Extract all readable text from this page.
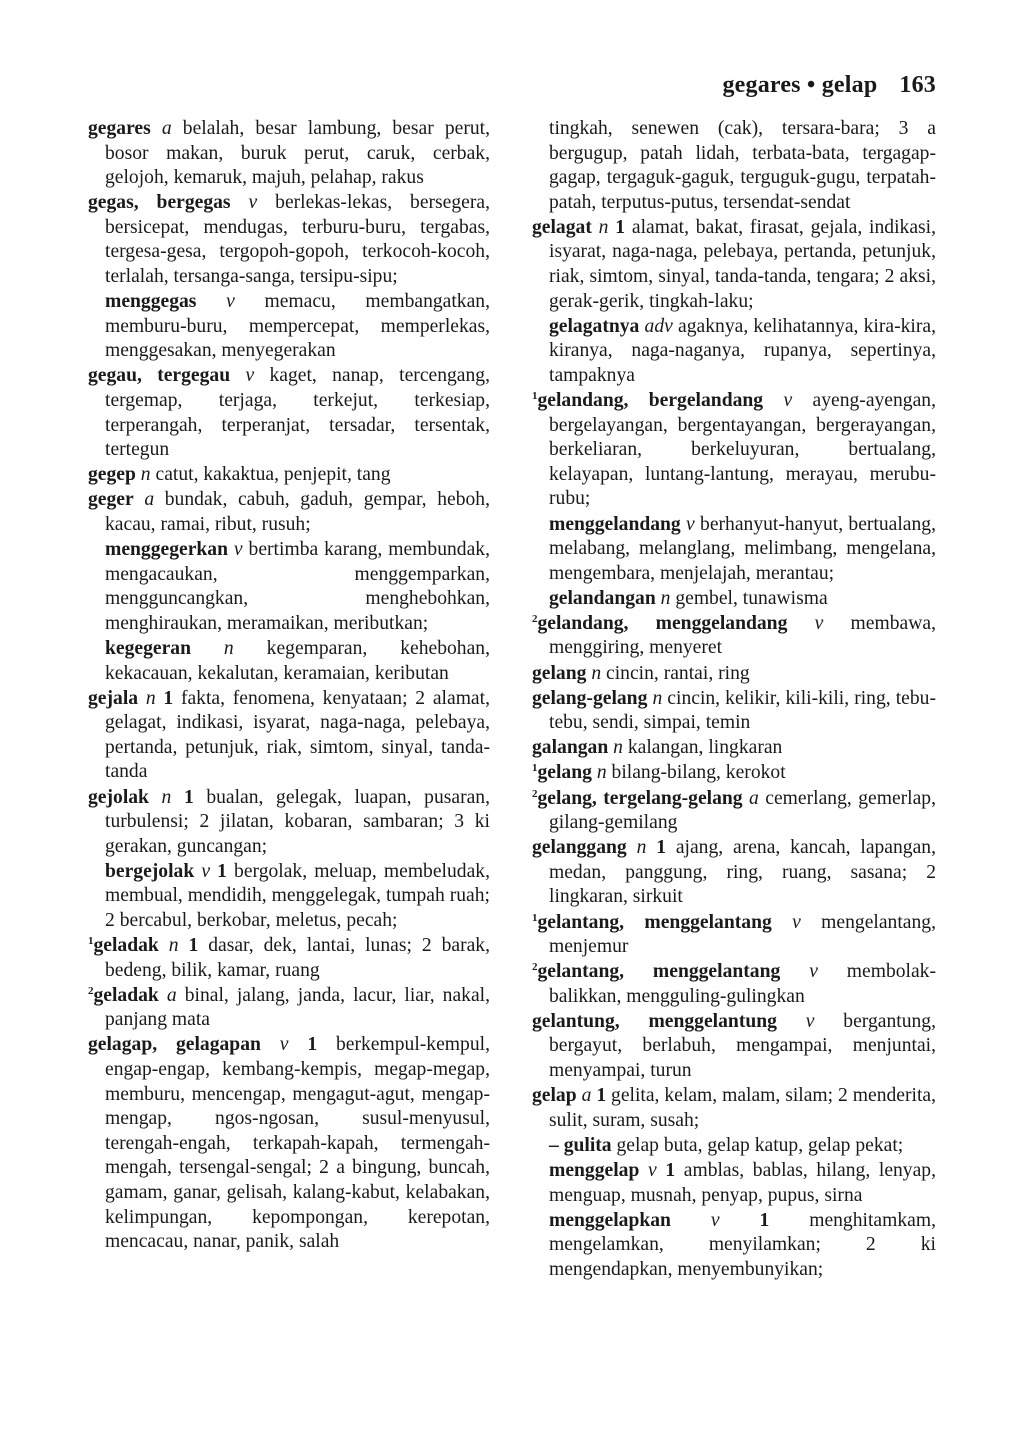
gegares • gelap 163
gegares a belalah, besar lambung, besar perut, bosor makan, buruk perut, caruk, cerbak, gelojoh, kemaruk, majuh, pelahap, rakus
gegas, bergegas v berlekas-lekas, bersegera, bersicepat, mendugas, terburu-buru, tergabas, tergesa-gesa, tergopoh-gopoh, terkocoh-kocoh, terlalah, tersanga-sanga, tersipu-sipu;
menggegas v memacu, membangatkan, memburu-buru, mempercepat, memperlekas, menggesakan, menyegerakan
gegau, tergegau v kaget, nanap, tercengang, tergemap, terjaga, terkejut, terkesiap, terperangah, terperanjat, tersadar, tersentak, tertegun
gegep n catut, kakaktua, penjepit, tang
geger a bundak, cabuh, gaduh, gempar, heboh, kacau, ramai, ribut, rusuh;
menggegerkan v bertimba karang, membundak, mengacaukan, menggemparkan, mengguncangkan, menghebohkan, menghiraukan, meramaikan, meributkan;
kegegeran n kegemparan, kehebohan, kekacauan, kekalutan, keramaian, keributan
gejala n 1 fakta, fenomena, kenyataan; 2 alamat, gelagat, indikasi, isyarat, naga-naga, pelebaya, pertanda, petunjuk, riak, simtom, sinyal, tanda-tanda
gejolak n 1 bualan, gelegak, luapan, pusaran, turbulensi; 2 jilatan, kobaran, sambaran; 3 ki gerakan, guncangan;
bergejolak v 1 bergolak, meluap, membeludak, membual, mendidih, menggelegak, tumpah ruah; 2 bercabul, berkobar, meletus, pecah;
$^1$geladak n 1 dasar, dek, lantai, lunas; 2 barak, bedeng, bilik, kamar, ruang
$^2$geladak a binal, jalang, janda, lacur, liar, nakal, panjang mata
gelagap, gelagapan v 1 berkempul-kempul, engap-engap, kembang-kempis, megap-megap, memburu, mencengap, mengagut-agut, mengap-mengap, ngos-ngosan, susul-menyusul, terengah-engah, terkapah-kapah, termengah-mengah, tersengal-sengal; 2 a bingung, buncah, gamam, ganar, gelisah, kalang-kabut, kelabakan, kelimpungan, kepompongan, kerepotan, mencacau, nanar, panik, salah
tingkah, senewen (cak), tersara-bara; 3 a bergugup, patah lidah, terbata-bata, tergagap-gagap, tergaguk-gaguk, terguguk-gugu, terpatah-patah, terputus-putus, tersendat-sendat
gelagat n 1 alamat, bakat, firasat, gejala, indikasi, isyarat, naga-naga, pelebaya, pertanda, petunjuk, riak, simtom, sinyal, tanda-tanda, tengara; 2 aksi, gerak-gerik, tingkah-laku;
gelagatnya adv agaknya, kelihatannya, kira-kira, kiranya, naga-naganya, rupanya, sepertinya, tampaknya
$^1$gelandang, bergelandang v ayeng-ayengan, bergelayangan, bergentayangan, bergerayangan, berkeliaran, berkeluyuran, bertualang, kelayapan, luntang-lantung, merayau, merubu-rubu;
menggelandang v berhanyut-hanyut, bertualang, melabang, melanglang, melimbang, mengelana, mengembara, menjelajah, merantau;
gelandangan n gembel, tunawisma
$^2$gelandang, menggelandang v membawa, menggiring, menyeret
gelang n cincin, rantai, ring
gelang-gelang n cincin, kelikir, kili-kili, ring, tebu-tebu, sendi, simpai, temin
galangan n kalangan, lingkaran
$^1$gelang n bilang-bilang, kerokot
$^2$gelang, tergelang-gelang a cemerlang, gemerlap, gilang-gemilang
gelanggang n 1 ajang, arena, kancah, lapangan, medan, panggung, ring, ruang, sasana; 2 lingkaran, sirkuit
$^1$gelantang, menggelantang v mengelantang, menjemur
$^2$gelantang, menggelantang v membolak-balikkan, mengguling-gulingkan
gelantung, menggelantung v bergantung, bergayut, berlabuh, mengampai, menjuntai, menyampai, turun
gelap a 1 gelita, kelam, malam, silam; 2 menderita, sulit, suram, susah;
– gulita gelap buta, gelap katup, gelap pekat;
menggelap v 1 amblas, bablas, hilang, lenyap, menguap, musnah, penyap, pupus, sirna
menggelapkan v 1 menghitamkam, mengelamkan, menyilamkan; 2 ki mengendapkan, menyembunyikan;
